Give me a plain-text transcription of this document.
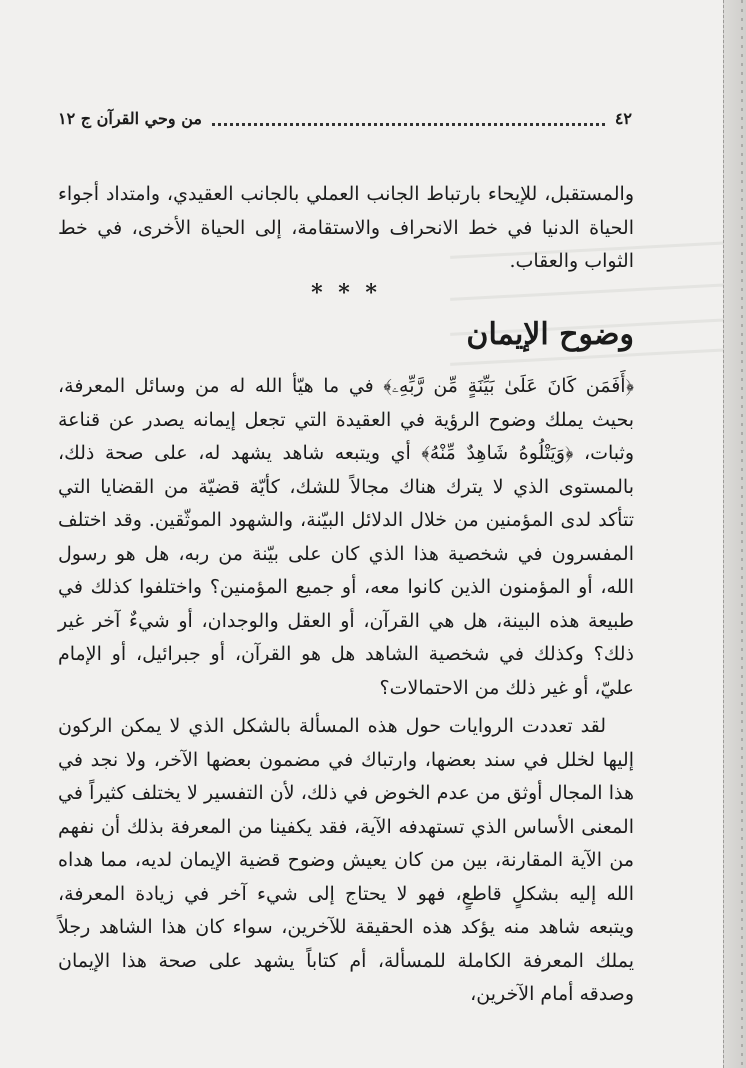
٤٢
من وحي القرآن ج ١٢

والمستقبل، للإيحاء بارتباط الجانب العملي بالجانب العقيدي، وامتداد أجواء الحياة الدنيا في خط الانحراف والاستقامة، إلى الحياة الأخرى، في خط الثواب والعقاب.

* * *
وضوح الإيمان

﴿أَفَمَن كَانَ عَلَىٰ بَيِّنَةٍ مِّن رَّبِّهِۦ﴾ في ما هيّأ الله له من وسائل المعرفة، بحيث يملك وضوح الرؤية في العقيدة التي تجعل إيمانه يصدر عن قناعة وثبات، ﴿وَيَتْلُوهُ شَاهِدٌ مِّنْهُ﴾ أي ويتبعه شاهد يشهد له، على صحة ذلك، بالمستوى الذي لا يترك هناك مجالاً للشك، كأيّة قضيّة من القضايا التي تتأكد لدى المؤمنين من خلال الدلائل البيّنة، والشهود الموثّقين. وقد اختلف المفسرون في شخصية هذا الذي كان على بيّنة من ربه، هل هو رسول الله، أو المؤمنون الذين كانوا معه، أو جميع المؤمنين؟ واختلفوا كذلك في طبيعة هذه البينة، هل هي القرآن، أو العقل والوجدان، أو شيءٌ آخر غير ذلك؟ وكذلك في شخصية الشاهد هل هو القرآن، أو جبرائيل، أو الإمام عليّ، أو غير ذلك من الاحتمالات؟

لقد تعددت الروايات حول هذه المسألة بالشكل الذي لا يمكن الركون إليها لخلل في سند بعضها، وارتباك في مضمون بعضها الآخر، ولا نجد في هذا المجال أوثق من عدم الخوض في ذلك، لأن التفسير لا يختلف كثيراً في المعنى الأساس الذي تستهدفه الآية، فقد يكفينا من المعرفة بذلك أن نفهم من الآية المقارنة، بين من كان يعيش وضوح قضية الإيمان لديه، مما هداه الله إليه بشكلٍ قاطعٍ، فهو لا يحتاج إلى شيء آخر في زيادة المعرفة، ويتبعه شاهد منه يؤكد هذه الحقيقة للآخرين، سواء كان هذا الشاهد رجلاً يملك المعرفة الكاملة للمسألة، أم كتاباً يشهد على صحة هذا الإيمان وصدقه أمام الآخرين،
